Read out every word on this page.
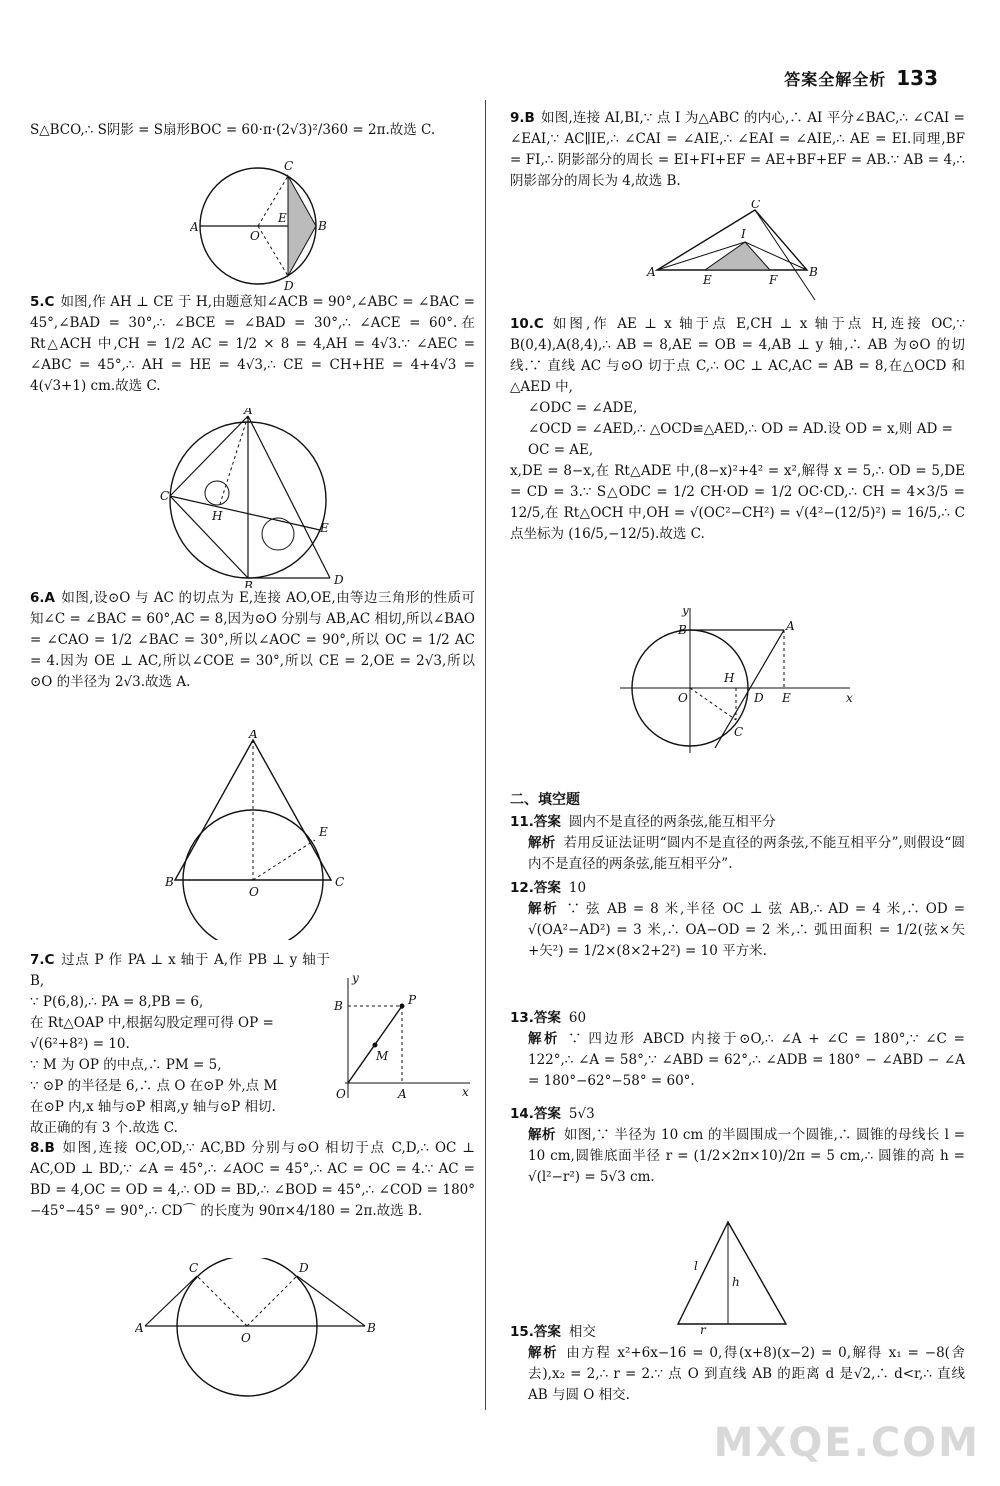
答案全解全析 133

S△BCO,∴ S阴影 = S扇形BOC = 60·π·(2√3)²/360 = 2π.故选 C.

A	B
C
D
O
E

5.C 如图,作 AH ⊥ CE 于 H,由题意知∠ACB = 90°,∠ABC = ∠BAC = 45°,∠BAD = 30°,∴ ∠BCE = ∠BAD = 30°,∴ ∠ACE = 60°.在 Rt△ACH 中,CH = 1/2 AC = 1/2 × 8 = 4,AH = 4√3.∵ ∠AEC = ∠ABC = 45°,∴ AH = HE = 4√3,∴ CE = CH+HE = 4+4√3 = 4(√3+1) cm.故选 C.

A
C
H
E
B	D

6.A 如图,设⊙O 与 AC 的切点为 E,连接 AO,OE,由等边三角形的性质可知∠C = ∠BAC = 60°,AC = 8,因为⊙O 分别与 AB,AC 相切,所以∠BAO = ∠CAO = 1/2 ∠BAC = 30°,所以∠AOC = 90°,所以 OC = 1/2 AC = 4.因为 OE ⊥ AC,所以∠COE = 30°,所以 CE = 2,OE = 2√3,所以⊙O 的半径为 2√3.故选 A.

A
B	C
O
E

7.C 过点 P 作 PA ⊥ x 轴于 A,作 PB ⊥ y 轴于 B,

∵ P(6,8),∴ PA = 8,PB = 6,

在 Rt△OAP 中,根据勾股定理可得 OP =

√(6²+8²) = 10.

∵ M 为 OP 的中点,∴ PM = 5,

∵ ⊙P 的半径是 6,∴ 点 O 在⊙P 外,点 M

在⊙P 内,x 轴与⊙P 相离,y 轴与⊙P 相切.

故正确的有 3 个.故选 C.

y
x
B	P
M
O	A

8.B 如图,连接 OC,OD,∵ AC,BD 分别与⊙O 相切于点 C,D,∴ OC ⊥ AC,OD ⊥ BD,∵ ∠A = 45°,∴ ∠AOC = 45°,∴ AC = OC = 4.∵ AC = BD = 4,OC = OD = 4,∴ OD = BD,∴ ∠BOD = 45°,∴ ∠COD = 180°−45°−45° = 90°,∴ CD⌒ 的长度为 90π×4/180 = 2π.故选 B.

A	B
C	D
O

9.B 如图,连接 AI,BI,∵ 点 I 为△ABC 的内心,∴ AI 平分∠BAC,∴ ∠CAI = ∠EAI,∵ AC∥IE,∴ ∠CAI = ∠AIE,∴ ∠EAI = ∠AIE,∴ AE = EI.同理,BF = FI,∴ 阴影部分的周长 = EI+FI+EF = AE+BF+EF = AB.∵ AB = 4,∴ 阴影部分的周长为 4,故选 B.

C
A	B
I
E	F

10.C 如图,作 AE ⊥ x 轴于点 E,CH ⊥ x 轴于点 H,连接 OC,∵ B(0,4),A(8,4),∴ AB = 8,AE = OB = 4,AB ⊥ y 轴,∴ AB 为⊙O 的切线.∵ 直线 AC 与⊙O 切于点 C,∴ OC ⊥ AC,AC = AB = 8,在△OCD 和△AED 中,

∠ODC = ∠ADE,

∠OCD = ∠AED,∴ △OCD≌△AED,∴ OD = AD.设 OD = x,则 AD =

OC = AE,

x,DE = 8−x,在 Rt△ADE 中,(8−x)²+4² = x²,解得 x = 5,∴ OD = 5,DE = CD = 3.∵ S△ODC = 1/2 CH·OD = 1/2 OC·CD,∴ CH = 4×3/5 = 12/5,在 Rt△OCH 中,OH = √(OC²−CH²) = √(4²−(12/5)²) = 16/5,∴ C 点坐标为 (16/5,−12/5).故选 C.

y
x
B	A
O
H
D E
C

二、填空题

11.答案 圆内不是直径的两条弦,能互相平分

解析 若用反证法证明“圆内不是直径的两条弦,不能互相平分”,则假设“圆内不是直径的两条弦,能互相平分”.

12.答案 10

解析 ∵ 弦 AB = 8 米,半径 OC ⊥ 弦 AB,∴ AD = 4 米,∴ OD = √(OA²−AD²) = 3 米,∴ OA−OD = 2 米,∴ 弧田面积 = 1/2(弦×矢+矢²) = 1/2×(8×2+2²) = 10 平方米.

13.答案 60

解析 ∵ 四边形 ABCD 内接于⊙O,∴ ∠A + ∠C = 180°,∵ ∠C = 122°,∴ ∠A = 58°,∵ ∠ABD = 62°,∴ ∠ADB = 180° − ∠ABD − ∠A = 180°−62°−58° = 60°.

14.答案 5√3

解析 如图,∵ 半径为 10 cm 的半圆围成一个圆锥,∴ 圆锥的母线长 l = 10 cm,圆锥底面半径 r = (1/2×2π×10)/2π = 5 cm,∴ 圆锥的高 h = √(l²−r²) = 5√3 cm.

l
h
r

15.答案 相交

解析 由方程 x²+6x−16 = 0,得(x+8)(x−2) = 0,解得 x₁ = −8(舍去),x₂ = 2,∴ r = 2.∵ 点 O 到直线 AB 的距离 d 是√2,∴ d<r,∴ 直线 AB 与圆 O 相交.

MXQE.COM
